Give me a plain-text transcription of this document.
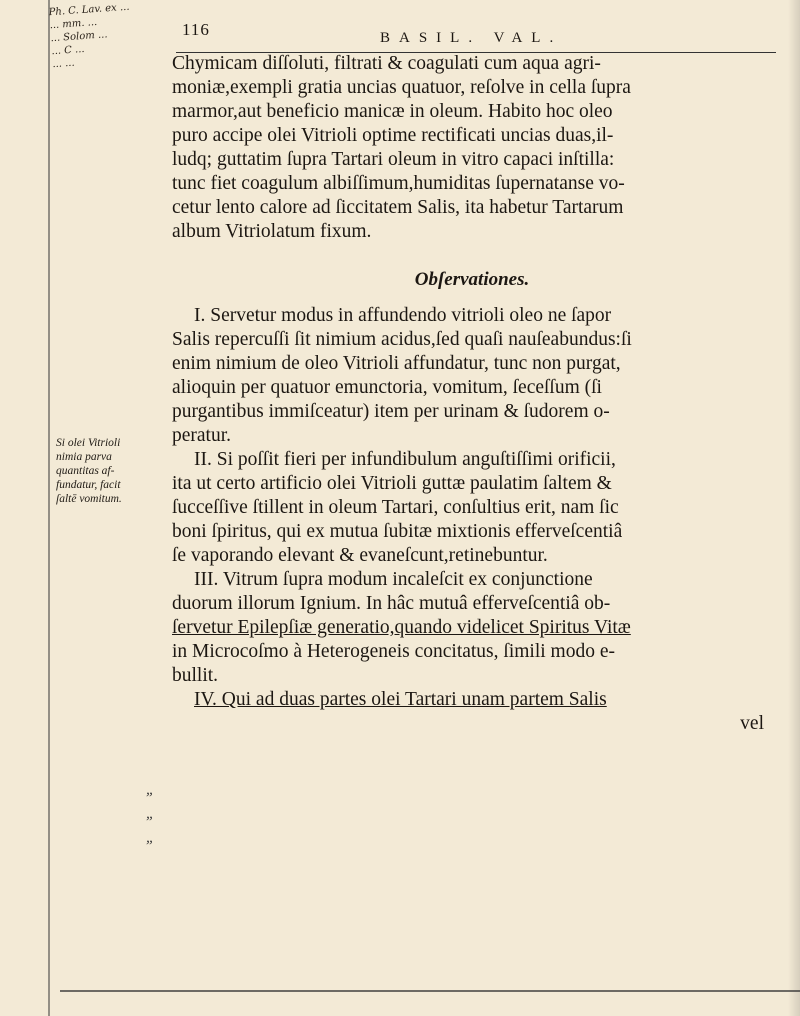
Ph. C. Lav. ex ...
... mm. ...
... Solom ...
... C ...
... ...
116	BASIL. VAL.
Chymicam diſſoluti, filtrati & coagulati cum aqua agri-
moniæ,exempli gratia uncias quatuor, reſolve in cella ſupra
marmor,aut beneficio manicæ in oleum. Habito hoc oleo
puro accipe olei Vitrioli optime rectificati uncias duas,il-
ludq; guttatim ſupra Tartari oleum in vitro capaci inſtilla:
tunc fiet coagulum albiſſimum,humiditas ſupernatanse vo-
cetur lento calore ad ſiccitatem Salis, ita habetur Tartarum
album Vitriolatum fixum.
Obſervationes.
I. Servetur modus in affundendo vitrioli oleo ne ſapor
Salis repercuſſi ſit nimium acidus,ſed quaſi nauſeabundus:ſi
enim nimium de oleo Vitrioli affundatur, tunc non purgat,
alioquin per quatuor emunctoria, vomitum, ſeceſſum (ſi
purgantibus immiſceatur) item per urinam & ſudorem o-
peratur.
II. Si poſſit fieri per infundibulum anguſtiſſimi orificii,
ita ut certo artificio olei Vitrioli guttæ paulatim ſaltem &
ſucceſſive ſtillent in oleum Tartari, conſultius erit, nam ſic
boni ſpiritus, qui ex mutua ſubitæ mixtionis efferveſcentiâ
ſe vaporando elevant & evaneſcunt,retinebuntur.
III. Vitrum ſupra modum incaleſcit ex conjunctione
duorum illorum Ignium. In hâc mutuâ efferveſcentiâ ob-
ſervetur Epilepſiæ generatio,quando videlicet Spiritus Vitæ
in Microcoſmo à Heterogeneis concitatus, ſimili modo e-
bullit.
IV. Qui ad duas partes olei Tartari unam partem Salis
vel
Si olei Vitrioli
nimia parva
quantitas af-
fundatur, facit
ſaltē vomitum.
„
„
„
